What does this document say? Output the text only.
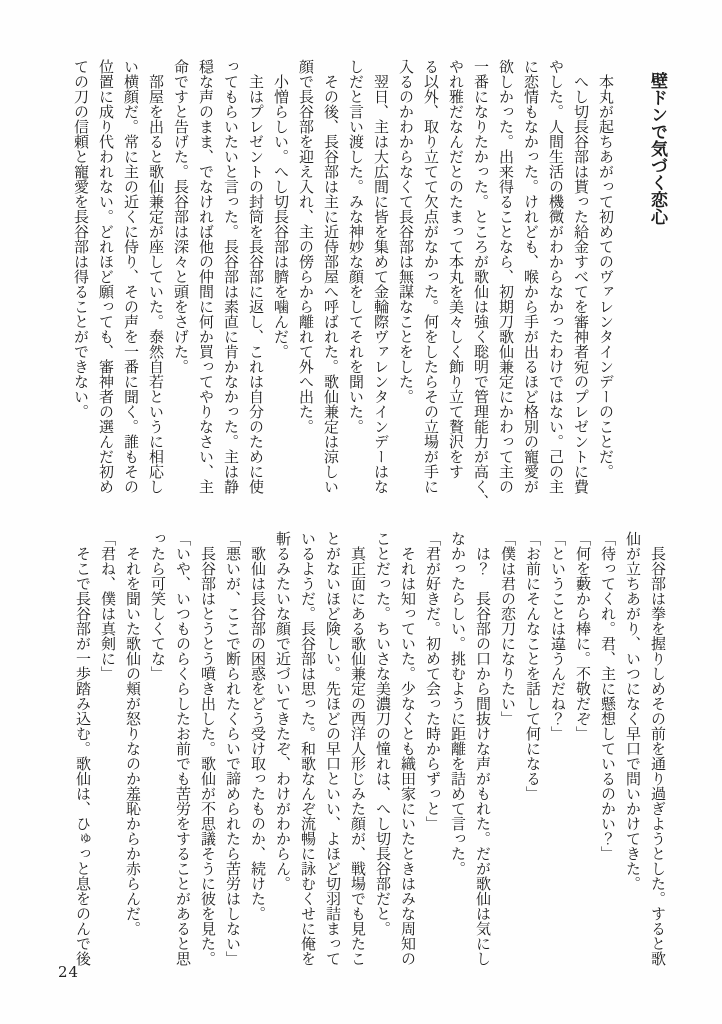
壁ドンで気づく恋心
　本丸が起ちあがって初めてのヴァレンタインデーのことだ。
　へし切長谷部は貰った給金すべてを審神者宛のプレゼントに費
やした。人間生活の機微がわからなかったわけではない。己の主
に恋情もなかった。けれども、喉から手が出るほど格別の寵愛が
欲しかった。出来得ることなら、初期刀歌仙兼定にかわって主の
一番になりたかった。ところが歌仙は強く聡明で管理能力が高く、
やれ雅だなんだとのたまって本丸を美々しく飾り立て贅沢をす
る以外、取り立てて欠点がなかった。何をしたらその立場が手に
入るのかわからなくて長谷部は無謀なことをした。
　翌日、主は大広間に皆を集めて金輪際ヴァレンタインデーはな
しだと言い渡した。みな神妙な顔をしてそれを聞いた。
　その後、長谷部は主に近侍部屋へ呼ばれた。歌仙兼定は涼しい
顔で長谷部を迎え入れ、主の傍らから離れて外へ出た。
　小憎らしい。へし切長谷部は臍を噛んだ。
　主はプレゼントの封筒を長谷部に返し、これは自分のために使
ってもらいたいと言った。長谷部は素直に肯かなかった。主は静
穏な声のまま、でなければ他の仲間に何か買ってやりなさい、主
命ですと告げた。長谷部は深々と頭をさげた。
　部屋を出ると歌仙兼定が座していた。泰然自若というに相応し
い横顔だ。常に主の近くに侍り、その声を一番に聞く。誰もその
位置に成り代われない。どれほど願っても、審神者の選んだ初め
ての刀の信頼と寵愛を長谷部は得ることができない。
　長谷部は拳を握りしめその前を通り過ぎようとした。すると歌
仙が立ちあがり、いつになく早口で問いかけてきた。
「待ってくれ。君、主に懸想しているのかい？」
「何を藪から棒に。不敬だぞ」
「ということは違うんだね？」
「お前にそんなことを話して何になる」
「僕は君の恋刀になりたい」
　は？　長谷部の口から間抜けな声がもれた。だが歌仙は気にし
なかったらしい。挑むように距離を詰めて言った。
「君が好きだ。初めて会った時からずっと」
　それは知っていた。少なくとも織田家にいたときはみな周知の
ことだった。ちいさな美濃刀の憧れは、へし切長谷部だと。
　真正面にある歌仙兼定の西洋人形じみた顔が、戦場でも見たこ
とがないほど険しい。先ほどの早口といい、よほど切羽詰まって
いるようだ。長谷部は思った。和歌なんぞ流暢に詠むくせに俺を
斬るみたいな顔で近づいてきたぞ、わけがわからん。
　歌仙は長谷部の困惑をどう受け取ったものか、続けた。
「悪いが、ここで断られたくらいで諦められたら苦労はしない」
　長谷部はとうとう噴き出した。歌仙が不思議そうに彼を見た。
「いや、いつものらくらしたお前でも苦労をすることがあると思
ったら可笑しくてな」
　それを聞いた歌仙の頬が怒りなのか羞恥からか赤らんだ。
「君ね、僕は真剣に」
　そこで長谷部が一歩踏み込む。歌仙は、ひゅっと息をのんで後
24
